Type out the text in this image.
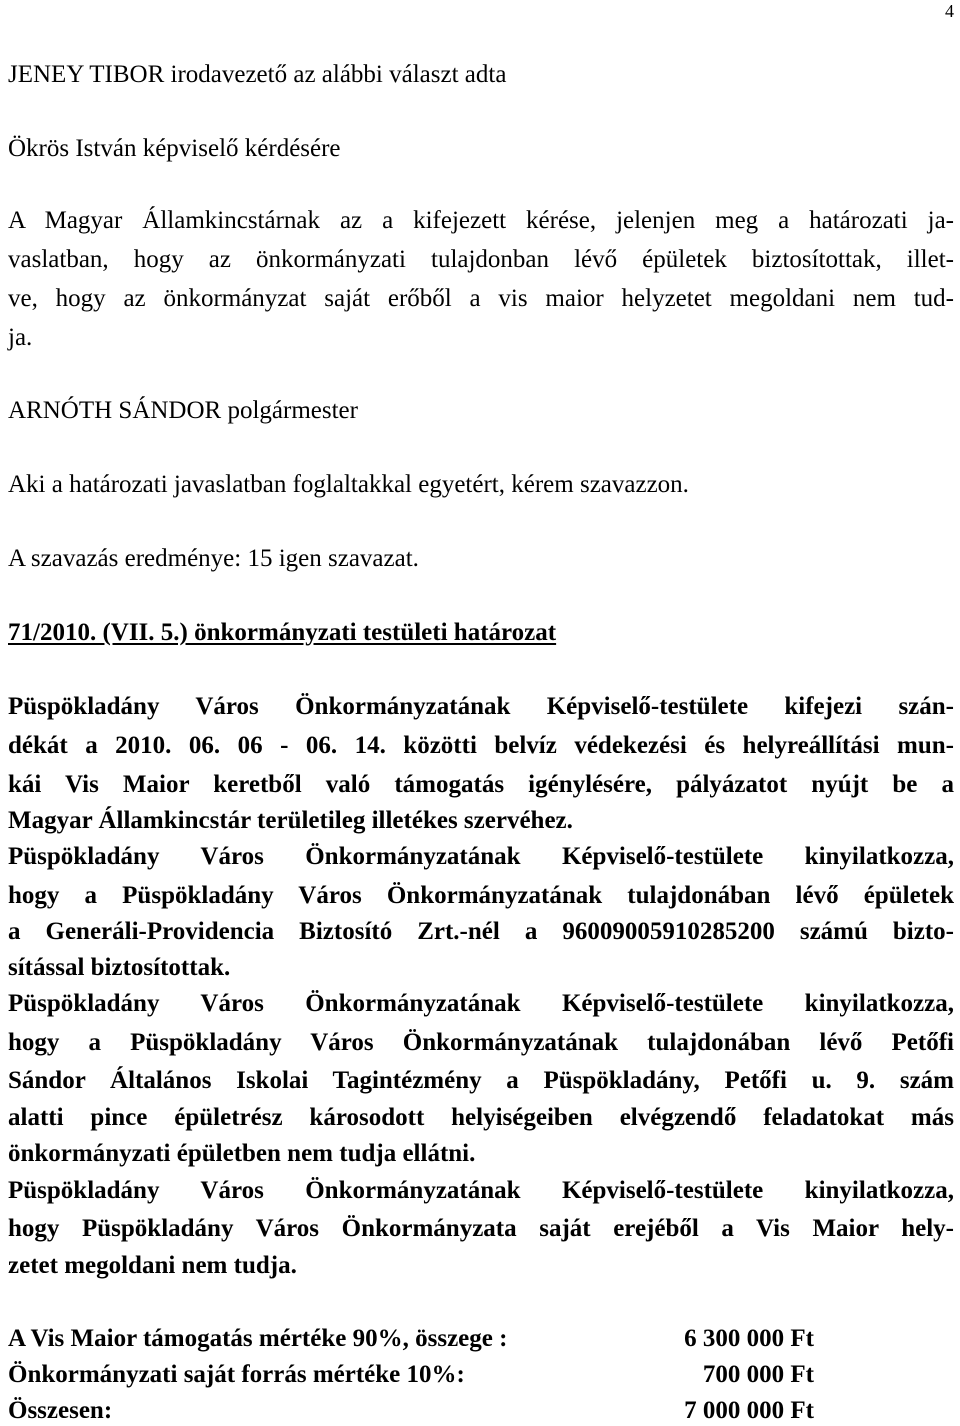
4
JENEY TIBOR irodavezető az alábbi választ adta
Ökrös István képviselő kérdésére
A Magyar Államkincstárnak az a kifejezett kérése, jelenjen meg a határozati ja-
vaslatban, hogy az önkormányzati tulajdonban lévő épületek biztosítottak, illet-
ve, hogy az önkormányzat saját erőből a vis maior helyzetet megoldani nem tud-
ja.
ARNÓTH SÁNDOR polgármester
Aki a határozati javaslatban foglaltakkal egyetért, kérem szavazzon.
A szavazás eredménye: 15 igen szavazat.
71/2010. (VII. 5.) önkormányzati testületi határozat
Püspökladány Város Önkormányzatának Képviselő-testülete kifejezi szán-
dékát a 2010. 06. 06 - 06. 14. közötti belvíz védekezési és helyreállítási mun-
kái Vis Maior keretből való támogatás igénylésére, pályázatot nyújt be a
Magyar Államkincstár területileg illetékes szervéhez.
Püspökladány Város Önkormányzatának Képviselő-testülete kinyilatkozza,
hogy a Püspökladány Város Önkormányzatának tulajdonában lévő épületek
a Generáli-Providencia Biztosító Zrt.-nél a 96009005910285200 számú bizto-
sítással biztosítottak.
Püspökladány Város Önkormányzatának Képviselő-testülete kinyilatkozza,
hogy a Püspökladány Város Önkormányzatának tulajdonában lévő Petőfi
Sándor Általános Iskolai Tagintézmény a Püspökladány, Petőfi u. 9. szám
alatti pince épületrész károsodott helyiségeiben elvégzendő feladatokat más
önkormányzati épületben nem tudja ellátni.
Püspökladány Város Önkormányzatának Képviselő-testülete kinyilatkozza,
hogy Püspökladány Város Önkormányzata saját erejéből a Vis Maior hely-
zetet megoldani nem tudja.
A Vis Maior támogatás mértéke 90%, összege :	6 300 000 Ft
Önkormányzati saját forrás mértéke 10%:	700 000 Ft
Összesen:	7 000 000 Ft
